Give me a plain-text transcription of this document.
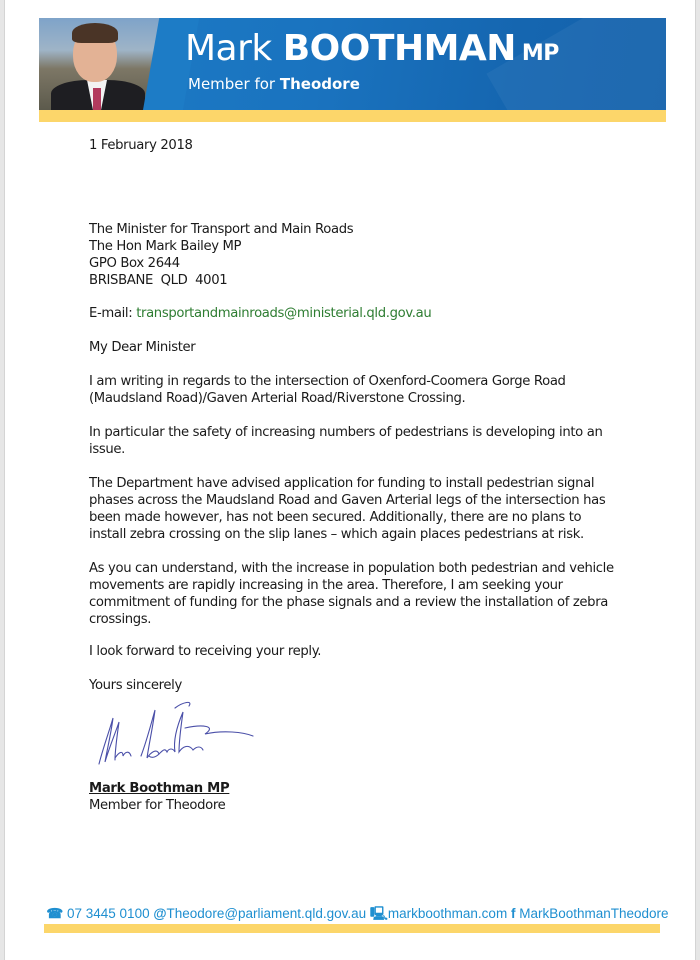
Mark BOOTHMAN MP
Member for Theodore
1 February 2018

The Minister for Transport and Main Roads

The Hon Mark Bailey MP

GPO Box 2644

BRISBANE  QLD  4001

E-mail: transportandmainroads@ministerial.qld.gov.au
My Dear Minister
I am writing in regards to the intersection of Oxenford-Coomera Gorge Road (Maudsland Road)/Gaven Arterial Road/Riverstone Crossing.
In particular the safety of increasing numbers of pedestrians is developing into an issue.
The Department have advised application for funding to install pedestrian signal phases across the Maudsland Road and Gaven Arterial legs of the intersection has been made however, has not been secured. Additionally, there are no plans to install zebra crossing on the slip lanes – which again places pedestrians at risk.
As you can understand, with the increase in population both pedestrian and vehicle movements are rapidly increasing in the area. Therefore, I am seeking your commitment of funding for the phase signals and a review the installation of zebra crossings.
I look forward to receiving your reply.
Yours sincerely
Mark Boothman MP
Member for Theodore
☎ 07 3445 0100 @Theodore@parliament.qld.gov.au 🖳markboothman.com f MarkBoothmanTheodore
